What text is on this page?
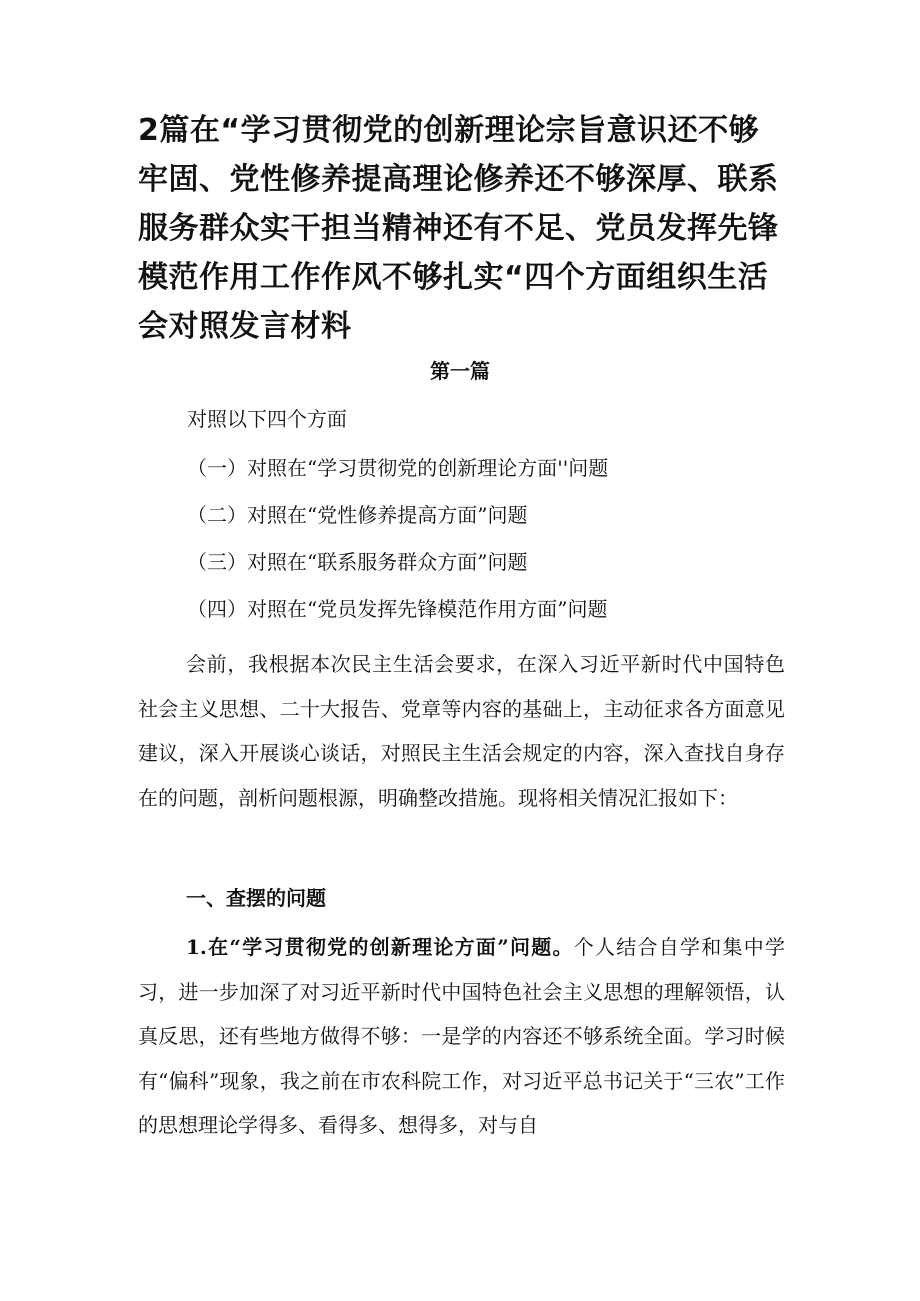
2篇在“学习贯彻党的创新理论宗旨意识还不够牢固、党性修养提高理论修养还不够深厚、联系服务群众实干担当精神还有不足、党员发挥先锋模范作用工作作风不够扎实“四个方面组织生活会对照发言材料
第一篇

对照以下四个方面

（一）对照在“学习贯彻党的创新理论方面''问题

（二）对照在“党性修养提高方面”问题

（三）对照在“联系服务群众方面”问题

（四）对照在“党员发挥先锋模范作用方面”问题

会前，我根据本次民主生活会要求，在深入习近平新时代中国特色社会主义思想、二十大报告、党章等内容的基础上，主动征求各方面意见建议，深入开展谈心谈话，对照民主生活会规定的内容，深入查找自身存在的问题，剖析问题根源，明确整改措施。现将相关情况汇报如下：

一、查摆的问题

1.在“学习贯彻党的创新理论方面”问题。个人结合自学和集中学习，进一步加深了对习近平新时代中国特色社会主义思想的理解领悟，认真反思，还有些地方做得不够：一是学的内容还不够系统全面。学习时候有“偏科”现象，我之前在市农科院工作，对习近平总书记关于“三农”工作的思想理论学得多、看得多、想得多，对与自
